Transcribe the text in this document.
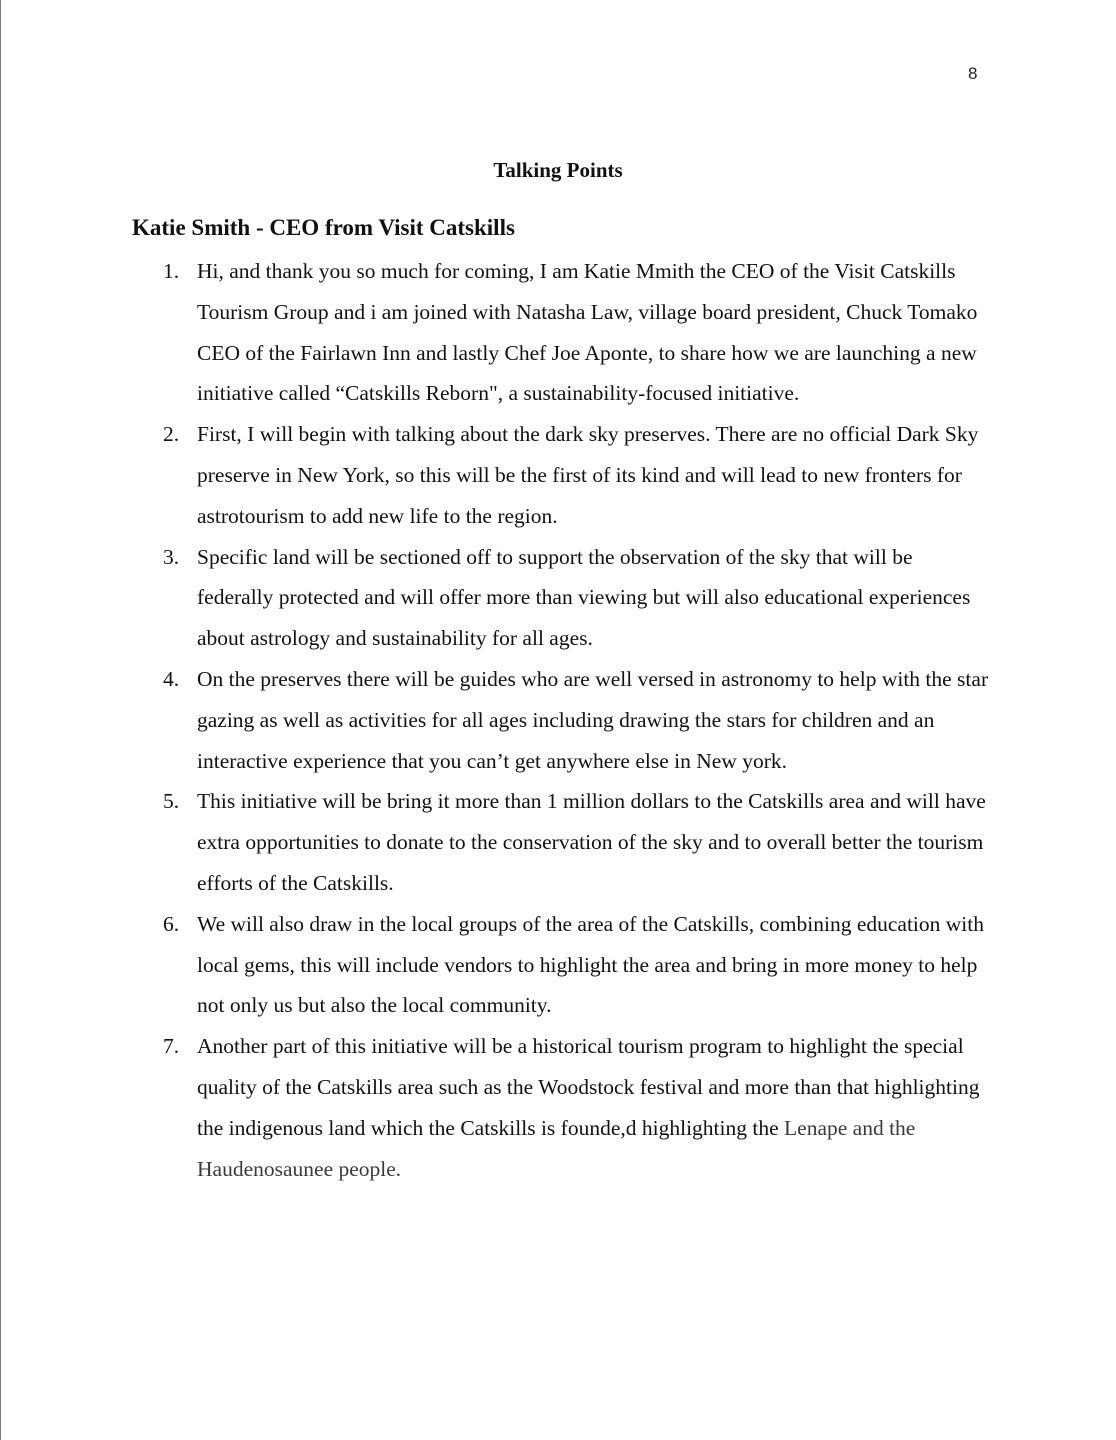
8
Talking Points
Katie Smith - CEO from Visit Catskills
1. Hi, and thank you so much for coming, I am Katie Mmith the CEO of the Visit Catskills Tourism Group and i am joined with Natasha Law, village board president, Chuck Tomako CEO of the Fairlawn Inn and lastly Chef Joe Aponte, to share how we are launching a new initiative called “Catskills Reborn", a sustainability-focused initiative.
2. First, I will begin with talking about the dark sky preserves. There are no official Dark Sky preserve in New York, so this will be the first of its kind and will lead to new fronters for astrotourism to add new life to the region.
3. Specific land will be sectioned off to support the observation of the sky that will be federally protected and will offer more than viewing but will also educational experiences about astrology and sustainability for all ages.
4. On the preserves there will be guides who are well versed in astronomy to help with the star gazing as well as activities for all ages including drawing the stars for children and an interactive experience that you can’t get anywhere else in New york.
5. This initiative will be bring it more than 1 million dollars to the Catskills area and will have extra opportunities to donate to the conservation of the sky and to overall better the tourism efforts of the Catskills.
6. We will also draw in the local groups of the area of the Catskills, combining education with local gems, this will include vendors to highlight the area and bring in more money to help not only us but also the local community.
7. Another part of this initiative will be a historical tourism program to highlight the special quality of the Catskills area such as the Woodstock festival and more than that highlighting the indigenous land which the Catskills is founde,d highlighting the Lenape and the Haudenosaunee people.
